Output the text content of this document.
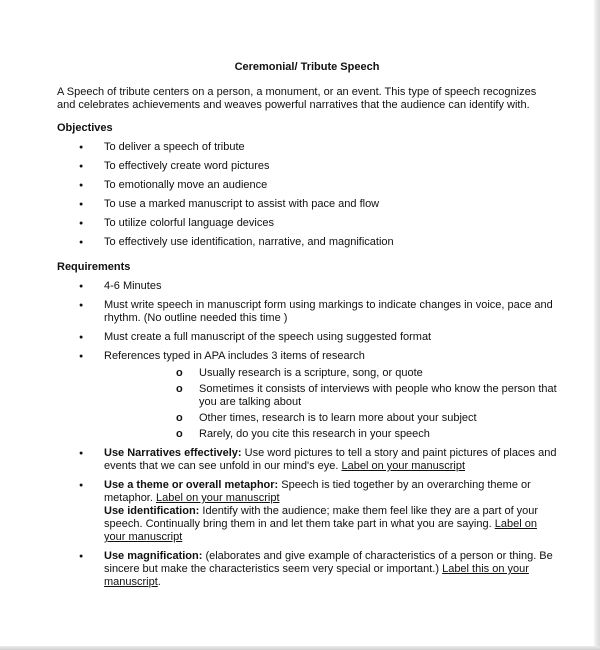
Ceremonial/ Tribute Speech
A Speech of tribute centers on a person, a monument, or an event. This type of speech recognizes and celebrates achievements and weaves powerful narratives that the audience can identify with.
Objectives
● To deliver a speech of tribute
● To effectively create word pictures
● To emotionally move an audience
● To use a marked manuscript to assist with pace and flow
● To utilize colorful language devices
● To effectively use identification, narrative, and magnification
Requirements
● 4-6 Minutes
● Must write speech in manuscript form using markings to indicate changes in voice, pace and rhythm. (No outline needed this time )
● Must create a full manuscript of the speech using suggested format
● References typed in APA includes 3 items of research
o Usually research is a scripture, song, or quote
o Sometimes it consists of interviews with people who know the person that you are talking about
o Other times, research is to learn more about your subject
o Rarely, do you cite this research in your speech
● Use Narratives effectively: Use word pictures to tell a story and paint pictures of places and events that we can see unfold in our mind's eye. Label on your manuscript
● Use a theme or overall metaphor: Speech is tied together by an overarching theme or metaphor. Label on your manuscript
Use identification: Identify with the audience; make them feel like they are a part of your speech. Continually bring them in and let them take part in what you are saying. Label on your manuscript
● Use magnification: (elaborates and give example of characteristics of a person or thing. Be sincere but make the characteristics seem very special or important.) Label this on your manuscript.
